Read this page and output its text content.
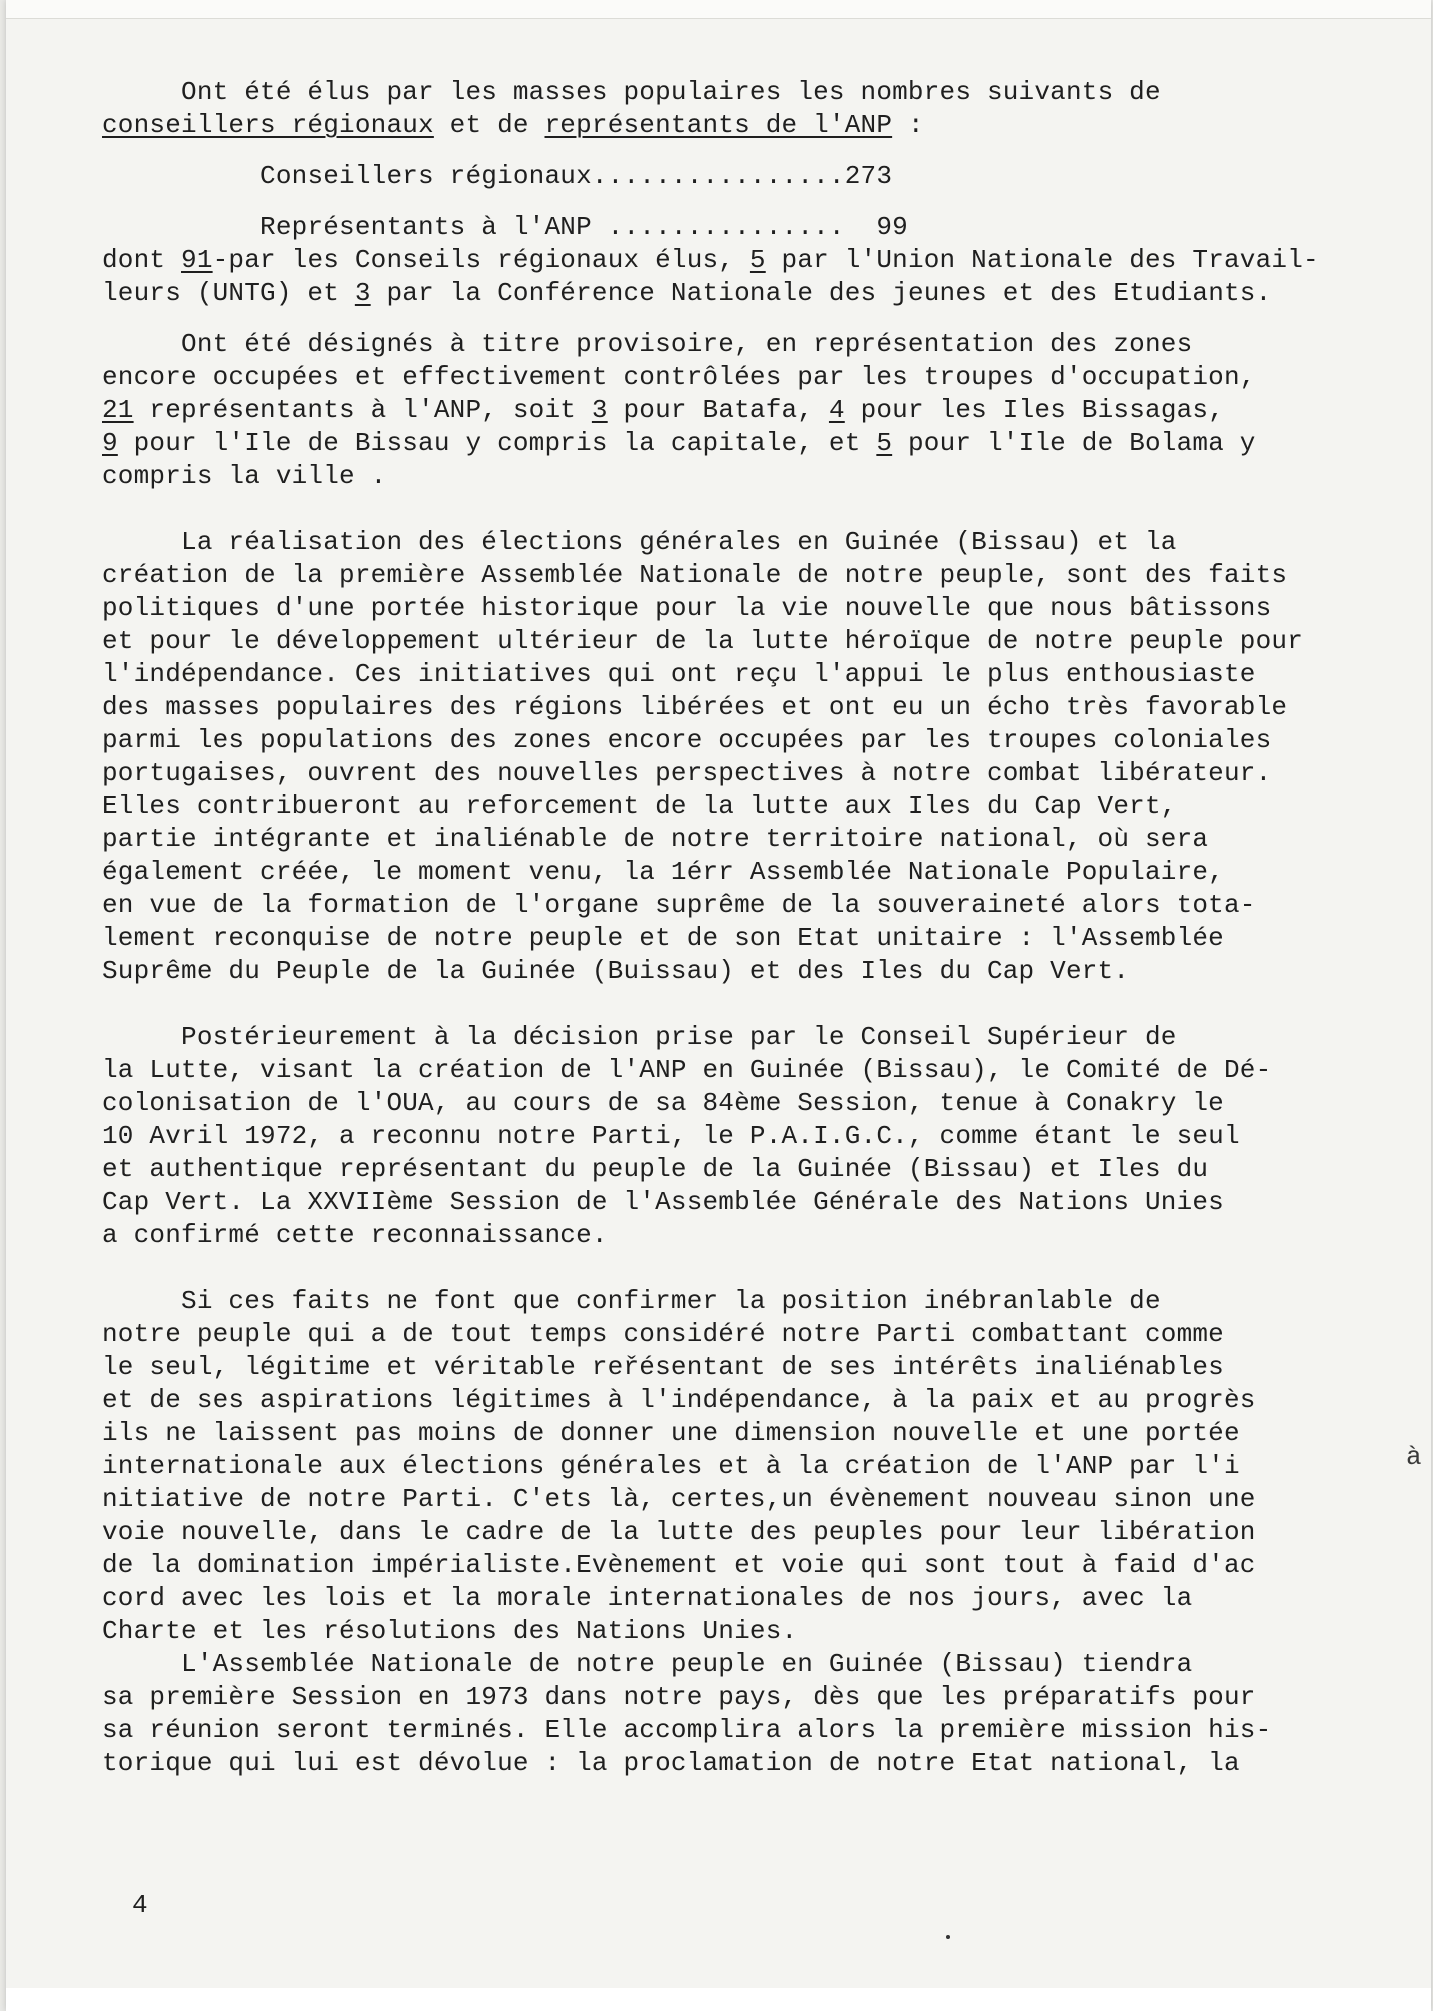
Ont été élus par les masses populaires les nombres suivants de
conseillers régionaux et de représentants de l'ANP :
Conseillers régionaux................273
Représentants à l'ANP ...............  99
dont 91-par les Conseils régionaux élus, 5 par l'Union Nationale des Travail-
leurs (UNTG) et 3 par la Conférence Nationale des jeunes et des Etudiants.
Ont été désignés à titre provisoire, en représentation des zones
encore occupées et effectivement contrôlées par les troupes d'occupation,
21 représentants à l'ANP, soit 3 pour Batafa, 4 pour les Iles Bissagas,
9 pour l'Ile de Bissau y compris la capitale, et 5 pour l'Ile de Bolama y
compris la ville .
La réalisation des élections générales en Guinée (Bissau) et la
création de la première Assemblée Nationale de notre peuple, sont des faits
politiques d'une portée historique pour la vie nouvelle que nous bâtissons
et pour le développement ultérieur de la lutte héroïque de notre peuple pour
l'indépendance. Ces initiatives qui ont reçu l'appui le plus enthousiaste
des masses populaires des régions libérées et ont eu un écho très favorable
parmi les populations des zones encore occupées par les troupes coloniales
portugaises, ouvrent des nouvelles perspectives à notre combat libérateur.
Elles contribueront au reforcement de la lutte aux Iles du Cap Vert,
partie intégrante et inaliénable de notre territoire national, où sera
également créée, le moment venu, la 1érr Assemblée Nationale Populaire,
en vue de la formation de l'organe suprême de la souveraineté alors tota-
lement reconquise de notre peuple et de son Etat unitaire : l'Assemblée
Suprême du Peuple de la Guinée (Buissau) et des Iles du Cap Vert.
Postérieurement à la décision prise par le Conseil Supérieur de
la Lutte, visant la création de l'ANP en Guinée (Bissau), le Comité de Dé-
colonisation de l'OUA, au cours de sa 84ème Session, tenue à Conakry le
10 Avril 1972, a reconnu notre Parti, le P.A.I.G.C., comme étant le seul
et authentique représentant du peuple de la Guinée (Bissau) et Iles du
Cap Vert. La XXVIIème Session de l'Assemblée Générale des Nations Unies
a confirmé cette reconnaissance.
Si ces faits ne font que confirmer la position inébranlable de
notre peuple qui a de tout temps considéré notre Parti combattant comme
le seul, légitime et véritable reřésentant de ses intérêts inaliénables
et de ses aspirations légitimes à l'indépendance, à la paix et au progrès
ils ne laissent pas moins de donner une dimension nouvelle et une portée
internationale aux élections générales et à la création de l'ANP par l'i
nitiative de notre Parti. C'ets là, certes,un évènement nouveau sinon une
voie nouvelle, dans le cadre de la lutte des peuples pour leur libération
de la domination impérialiste.Evènement et voie qui sont tout à faid d'ac
cord avec les lois et la morale internationales de nos jours, avec la
Charte et les résolutions des Nations Unies.
L'Assemblée Nationale de notre peuple en Guinée (Bissau) tiendra
sa première Session en 1973 dans notre pays, dès que les préparatifs pour
sa réunion seront terminés. Elle accomplira alors la première mission his-
torique qui lui est dévolue : la proclamation de notre Etat national, la
à
4
